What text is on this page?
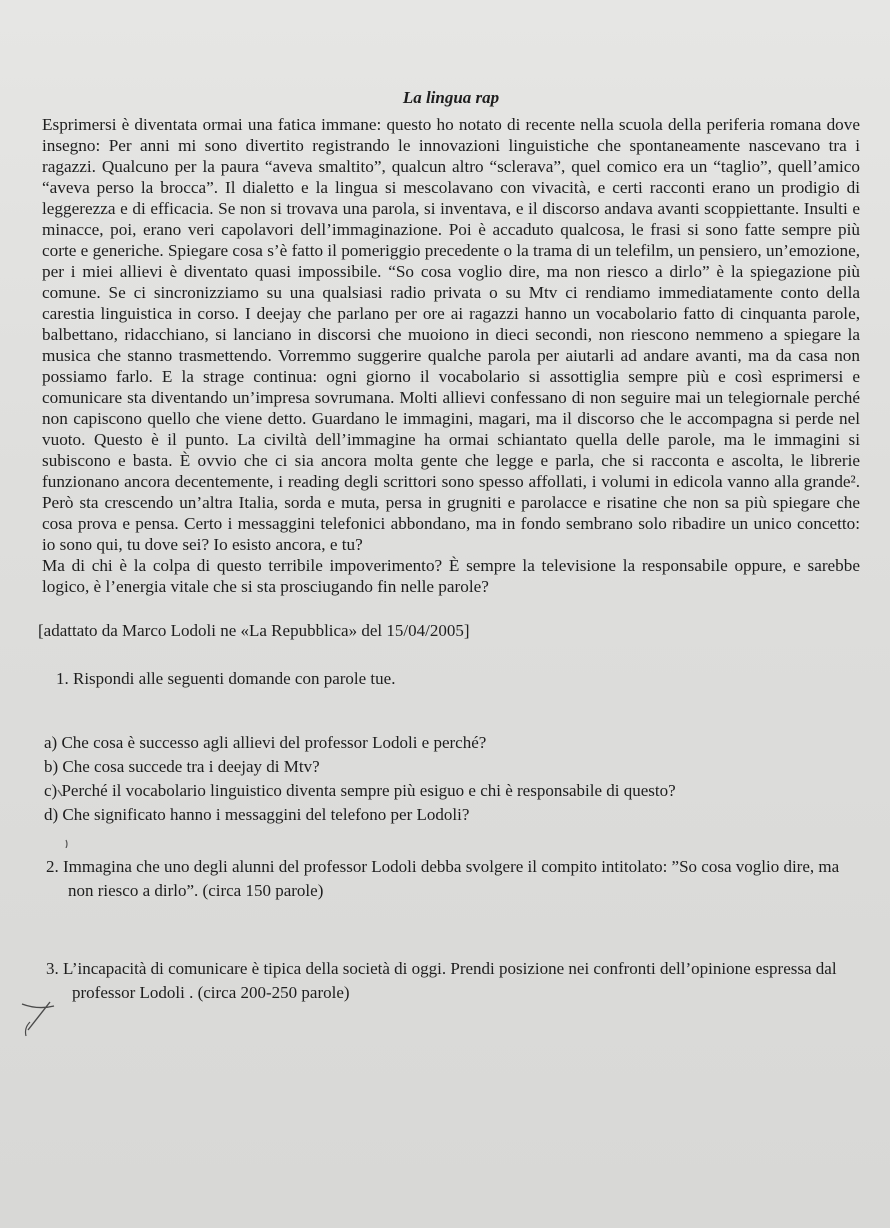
La lingua rap

Esprimersi è diventata ormai una fatica immane: questo ho notato di recente nella scuola della periferia romana dove insegno: Per anni mi sono divertito registrando le innovazioni linguistiche che spontaneamente nascevano tra i ragazzi. Qualcuno per la paura “aveva smaltito”, qualcun altro “sclerava”, quel comico era un “taglio”, quell’amico “aveva perso la brocca”. Il dialetto e la lingua si mescolavano con vivacità, e certi racconti erano un prodigio di leggerezza e di efficacia. Se non si trovava una parola, si inventava, e il discorso andava avanti scoppiettante. Insulti e minacce, poi, erano veri capolavori dell’immaginazione. Poi è accaduto qualcosa, le frasi si sono fatte sempre più corte e generiche. Spiegare cosa s’è fatto il pomeriggio precedente o la trama di un telefilm, un pensiero, un’emozione, per i miei allievi è diventato quasi impossibile. “So cosa voglio dire, ma non riesco a dirlo” è la spiegazione più comune. Se ci sincronizziamo su una qualsiasi radio privata o su Mtv ci rendiamo immediatamente conto della carestia linguistica in corso. I deejay che parlano per ore ai ragazzi hanno un vocabolario fatto di cinquanta parole, balbettano, ridacchiano, si lanciano in discorsi che muoiono in dieci secondi, non riescono nemmeno a spiegare la musica che stanno trasmettendo. Vorremmo suggerire qualche parola per aiutarli ad andare avanti, ma da casa non possiamo farlo. E la strage continua: ogni giorno il vocabolario si assottiglia sempre più e così esprimersi e comunicare sta diventando un’impresa sovrumana. Molti allievi confessano di non seguire mai un telegiornale perché non capiscono quello che viene detto. Guardano le immagini, magari, ma il discorso che le accompagna si perde nel vuoto. Questo è il punto. La civiltà dell’immagine ha ormai schiantato quella delle parole, ma le immagini si subiscono e basta. È ovvio che ci sia ancora molta gente che legge e parla, che si racconta e ascolta, le librerie funzionano ancora decentemente, i reading degli scrittori sono spesso affollati, i volumi in edicola vanno alla grande². Però sta crescendo un’altra Italia, sorda e muta, persa in grugniti e parolacce e risatine che non sa più spiegare che cosa prova e pensa. Certo i messaggini telefonici abbondano, ma in fondo sembrano solo ribadire un unico concetto: io sono qui, tu dove sei? Io esisto ancora, e tu?

Ma di chi è la colpa di questo terribile impoverimento? È sempre la televisione la responsabile oppure, e sarebbe logico, è l’energia vitale che si sta prosciugando fin nelle parole?

[adattato da Marco Lodoli ne «La Repubblica» del 15/04/2005]
1. Rispondi alle seguenti domande con parole tue.
a) Che cosa è successo agli allievi del professor Lodoli e perché?
b) Che cosa succede tra i deejay di Mtv?
c) Perché il vocabolario linguistico diventa sempre più esiguo e chi è responsabile di questo?
d) Che significato hanno i messaggini del telefono per Lodoli?
2. Immagina che uno degli alunni del professor Lodoli debba svolgere il compito intitolato: ”So cosa voglio dire, ma non riesco a dirlo”. (circa 150 parole)
3. L’incapacità di comunicare è tipica della società di oggi. Prendi posizione nei confronti dell’opinione espressa dal professor Lodoli . (circa 200-250 parole)
